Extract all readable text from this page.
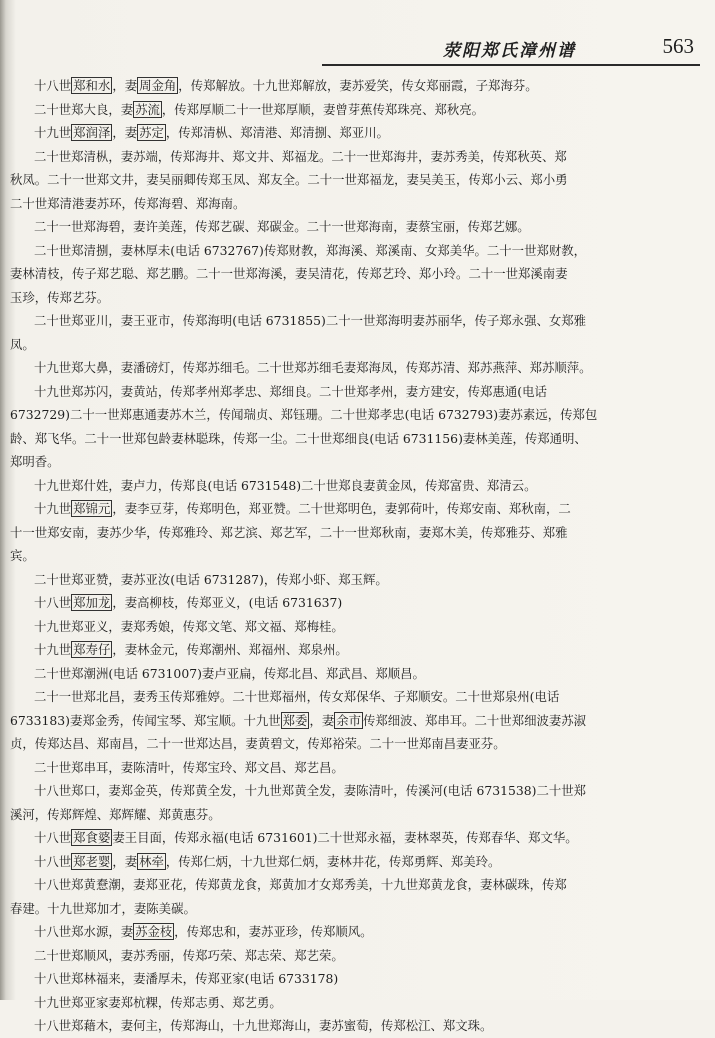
荥阳郑氏漳州谱	563
十八世 郑和水 ，妻 周金角 ，传郑解放。十九世郑解放，妻苏爱笑，传女郑丽霞，子郑海芬。
二十世郑大良，妻 苏流 ，传郑厚顺二十一世郑厚顺，妻曾芽蕉传郑珠亮、郑秋亮。
十九世 郑润泽 ，妻 苏定 ，传郑清枞、郑清港、郑清捌、郑亚川。
二十世郑清枞，妻苏端，传郑海井、郑文井、郑福龙。二十一世郑海井，妻苏秀美，传郑秋英、郑
秋凤。二十一世郑文井，妻吴丽卿传郑玉凤、郑友全。二十一世郑福龙，妻吴美玉，传郑小云、郑小勇
二十世郑清港妻苏环，传郑海碧、郑海南。
二十一世郑海碧，妻许美莲，传郑艺碳、郑碳金。二十一世郑海南，妻蔡宝丽，传郑艺娜。
二十世郑清捌，妻林厚未(电话 6732767)传郑财教，郑海溪、郑溪南、女郑美华。二十一世郑财教，
妻林清枝，传子郑艺聪、郑艺鹏。二十一世郑海溪，妻吴清花，传郑艺玲、郑小玲。二十一世郑溪南妻
玉珍，传郑艺芬。
二十世郑亚川，妻王亚市，传郑海明(电话 6731855)二十一世郑海明妻苏丽华，传子郑永强、女郑雅
凤。
十九世郑大鼻，妻潘磅灯，传郑苏细毛。二十世郑苏细毛妻郑海凤，传郑苏清、郑苏燕萍、郑苏顺萍。
十九世郑苏闪，妻黄站，传郑孝州郑孝忠、郑细良。二十世郑孝州，妻方建安，传郑惠通(电话
6732729)二十一世郑惠通妻苏木兰，传闻瑞贞、郑钰珊。二十世郑孝忠(电话 6732793)妻苏素远，传郑包
龄、郑飞华。二十一世郑包龄妻林聪珠，传郑一尘。二十世郑细良(电话 6731156)妻林美莲，传郑通明、
郑明香。
十九世郑什姓，妻卢力，传郑良(电话 6731548)二十世郑良妻黄金凤，传郑富贵、郑清云。
十九世 郑锦元 ，妻李豆芽，传郑明色，郑亚赞。二十世郑明色，妻郭荷叶，传郑安南、郑秋南，二
十一世郑安南，妻苏少华，传郑雅玲、郑艺滨、郑艺军，二十一世郑秋南，妻郑木美，传郑雅芬、郑雅
宾。
二十世郑亚赞，妻苏亚汝(电话 6731287)，传郑小虾、郑玉辉。
十八世 郑加龙 ，妻高柳枝，传郑亚义，(电话 6731637)
十九世郑亚义，妻郑秀娘，传郑文笔、郑文福、郑梅桂。
十九世 郑寿仔 ，妻林金元，传郑潮州、郑福州、郑泉州。
二十世郑潮洲(电话 6731007)妻卢亚扁，传郑北昌、郑武昌、郑顺昌。
二十一世郑北昌，妻秀玉传郑雅婷。二十世郑福州，传女郑保华、子郑顺安。二十世郑泉州(电话
6733183)妻郑金秀，传闻宝琴、郑宝顺。十九世 郑委 ，妻 余市 传郑细波、郑串耳。二十世郑细波妻苏淑
贞，传郑达昌、郑南昌，二十一世郑达昌，妻黄碧文，传郑裕荣。二十一世郑南昌妻亚芬。
二十世郑串耳，妻陈清叶，传郑宝玲、郑文昌、郑艺昌。
十八世郑口，妻郑金英，传郑黄全发，十九世郑黄全发，妻陈清叶，传溪河(电话 6731538)二十世郑
溪河，传郑辉煌、郑辉耀、郑黄惠芬。
十八世 郑食婆 妻王目面，传郑永福(电话 6731601)二十世郑永福，妻林翠英，传郑春华、郑文华。
十八世 郑老婴 ，妻 林牵 ，传郑仁炳，十九世郑仁炳，妻林井花，传郑勇辉、郑美玲。
十八世郑黄憃潮，妻郑亚花，传郑黄龙食，郑黄加才女郑秀美，十九世郑黄龙食，妻林碳珠，传郑
春建。十九世郑加才，妻陈美碳。
十八世郑水源，妻 苏金枝 ，传郑忠和，妻苏亚珍，传郑顺风。
二十世郑顺风，妻苏秀丽，传郑巧荣、郑志荣、郑艺荣。
十八世郑林福来，妻潘厚未，传郑亚家(电话 6733178)
十九世郑亚家妻郑杭粿，传郑志勇、郑艺勇。
十八世郑藉木，妻何主，传郑海山，十九世郑海山，妻苏蜜萄，传郑松江、郑文珠。
